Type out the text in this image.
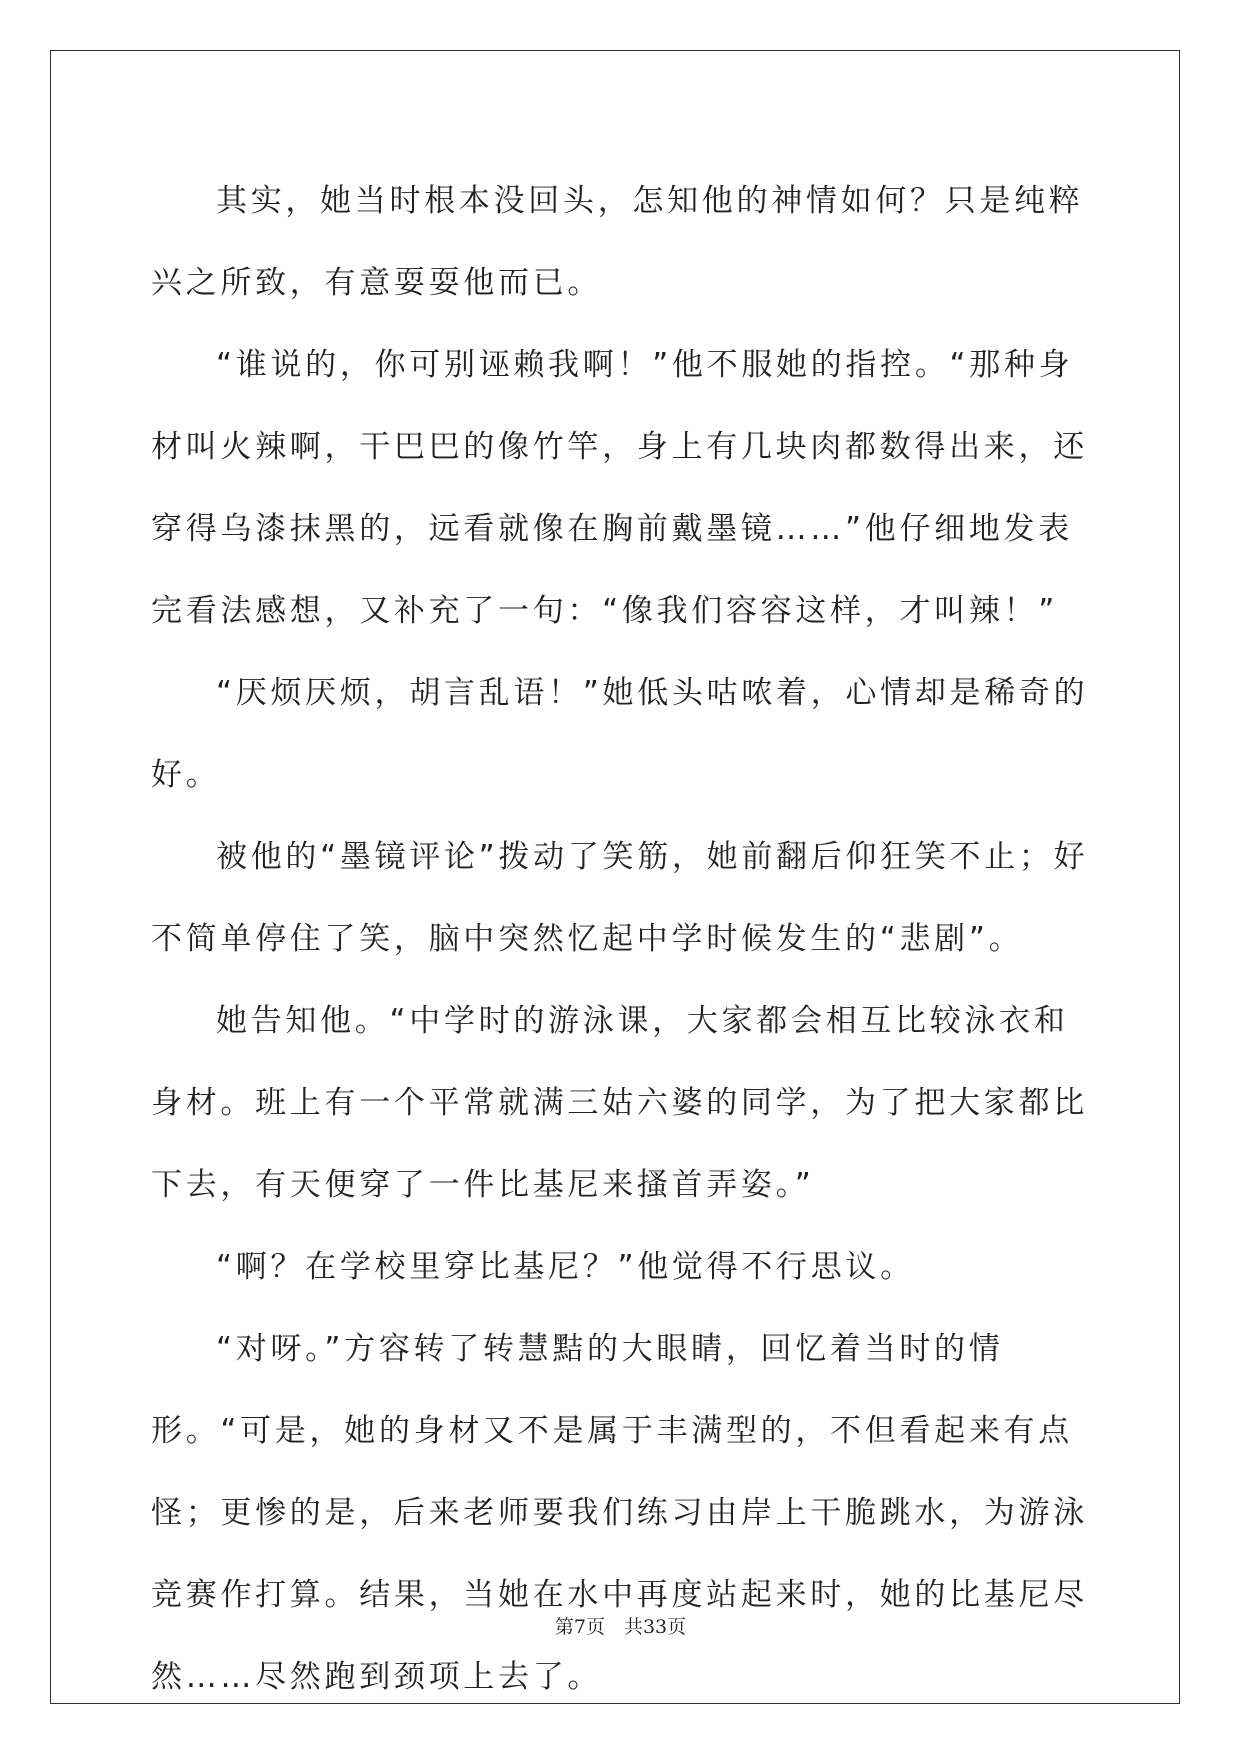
其实，她当时根本没回头，怎知他的神情如何？只是纯粹兴之所致，有意耍耍他而已。

“谁说的，你可别诬赖我啊！”他不服她的指控。“那种身材叫火辣啊，干巴巴的像竹竿，身上有几块肉都数得出来，还穿得乌漆抹黑的，远看就像在胸前戴墨镜……”他仔细地发表完看法感想，又补充了一句：“像我们容容这样，才叫辣！”

“厌烦厌烦，胡言乱语！”她低头咕哝着，心情却是稀奇的好。

被他的“墨镜评论”拨动了笑筋，她前翻后仰狂笑不止；好不简单停住了笑，脑中突然忆起中学时候发生的“悲剧”。

她告知他。“中学时的游泳课，大家都会相互比较泳衣和身材。班上有一个平常就满三姑六婆的同学，为了把大家都比下去，有天便穿了一件比基尼来搔首弄姿。”

“啊？在学校里穿比基尼？”他觉得不行思议。

“对呀。”方容转了转慧黠的大眼睛，回忆着当时的情形。“可是，她的身材又不是属于丰满型的，不但看起来有点怪；更惨的是，后来老师要我们练习由岸上干脆跳水，为游泳竞赛作打算。结果，当她在水中再度站起来时，她的比基尼尽然……尽然跑到颈项上去了。

第7页　共33页
